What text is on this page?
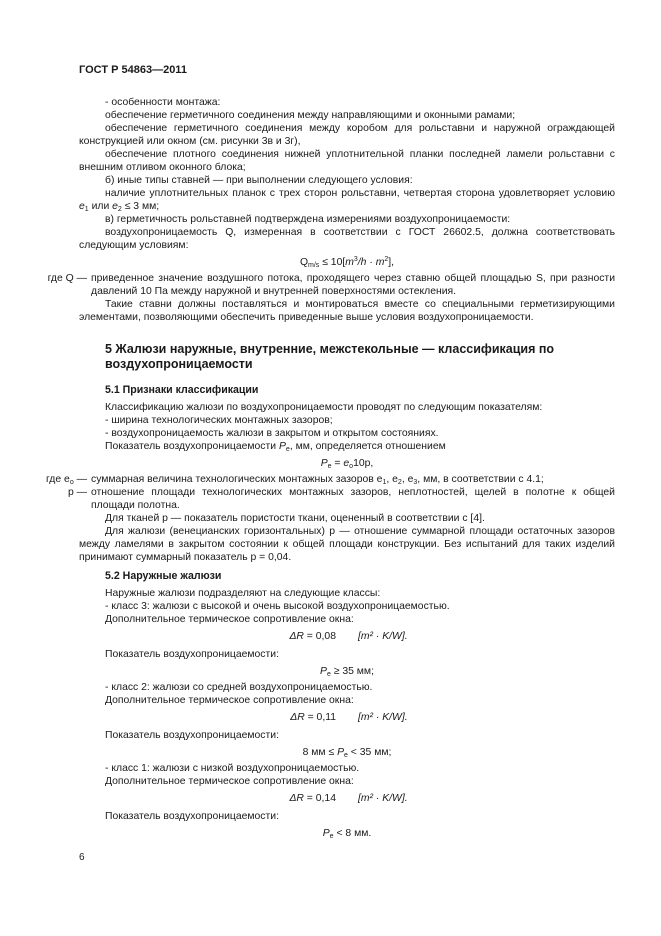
ГОСТ Р 54863—2011

- особенности монтажа:

обеспечение герметичного соединения между направляющими и оконными рамами;

обеспечение герметичного соединения между коробом для рольставни и наружной ограждающей конструкцией или окном (см. рисунки 3в и 3г),

обеспечение плотного соединения нижней уплотнительной планки последней ламели рольставни с внешним отливом оконного блока;

б) иные типы ставней — при выполнении следующего условия:

наличие уплотнительных планок с трех сторон рольставни, четвертая сторона удовлетворяет условию $e_1$ или $e_2 \le 3$ мм;

в) герметичность рольставней подтверждена измерениями воздухопроницаемости:

воздухопроницаемость Q, измеренная в соответствии с ГОСТ 26602.5, должна соответствовать следующим условиям:

$Q_{m/s} \le 10[m^3/h \cdot m^2]$,

где Q — приведенное значение воздушного потока, проходящего через ставню общей площадью S, при разности давлений 10 Па между наружной и внутренней поверхностями остекления.

Такие ставни должны поставляться и монтироваться вместе со специальными герметизирующими элементами, позволяющими обеспечить приведенные выше условия воздухопроницаемости.

5 Жалюзи наружные, внутренние, межстекольные — классификация по воздухопроницаемости
5.1 Признаки классификации

Классификацию жалюзи по воздухопроницаемости проводят по следующим показателям:

- ширина технологических монтажных зазоров;

- воздухопроницаемость жалюзи в закрытом и открытом состояниях.

Показатель воздухопроницаемости $P_e$, мм, определяется отношением

$P_e = e_o10p$,

где $e_o$ — суммарная величина технологических монтажных зазоров $e_1$, $e_2$, $e_3$, мм, в соответствии с 4.1;
p — отношение площади технологических монтажных зазоров, неплотностей, щелей в полотне к общей площади полотна.

Для тканей p — показатель пористости ткани, оцененный в соответствии с [4].

Для жалюзи (венецианских горизонтальных) p — отношение суммарной площади остаточных зазоров между ламелями в закрытом состоянии к общей площади конструкции. Без испытаний для таких изделий принимают суммарный показатель p = 0,04.

5.2 Наружные жалюзи

Наружные жалюзи подразделяют на следующие классы:

- класс 3: жалюзи с высокой и очень высокой воздухопроницаемостью.

Дополнительное термическое сопротивление окна:

ΔR = 0,08	[m² · K/W].

Показатель воздухопроницаемости:

$P_e \ge 35$ мм;

- класс 2: жалюзи со средней воздухопроницаемостью.

Дополнительное термическое сопротивление окна:

ΔR = 0,11	[m² · K/W].

Показатель воздухопроницаемости:

8 мм ≤ $P_e < 35$ мм;

- класс 1: жалюзи с низкой воздухопроницаемостью.

Дополнительное термическое сопротивление окна:

ΔR = 0,14	[m² · K/W].

Показатель воздухопроницаемости:

$P_e < 8$ мм.

6
